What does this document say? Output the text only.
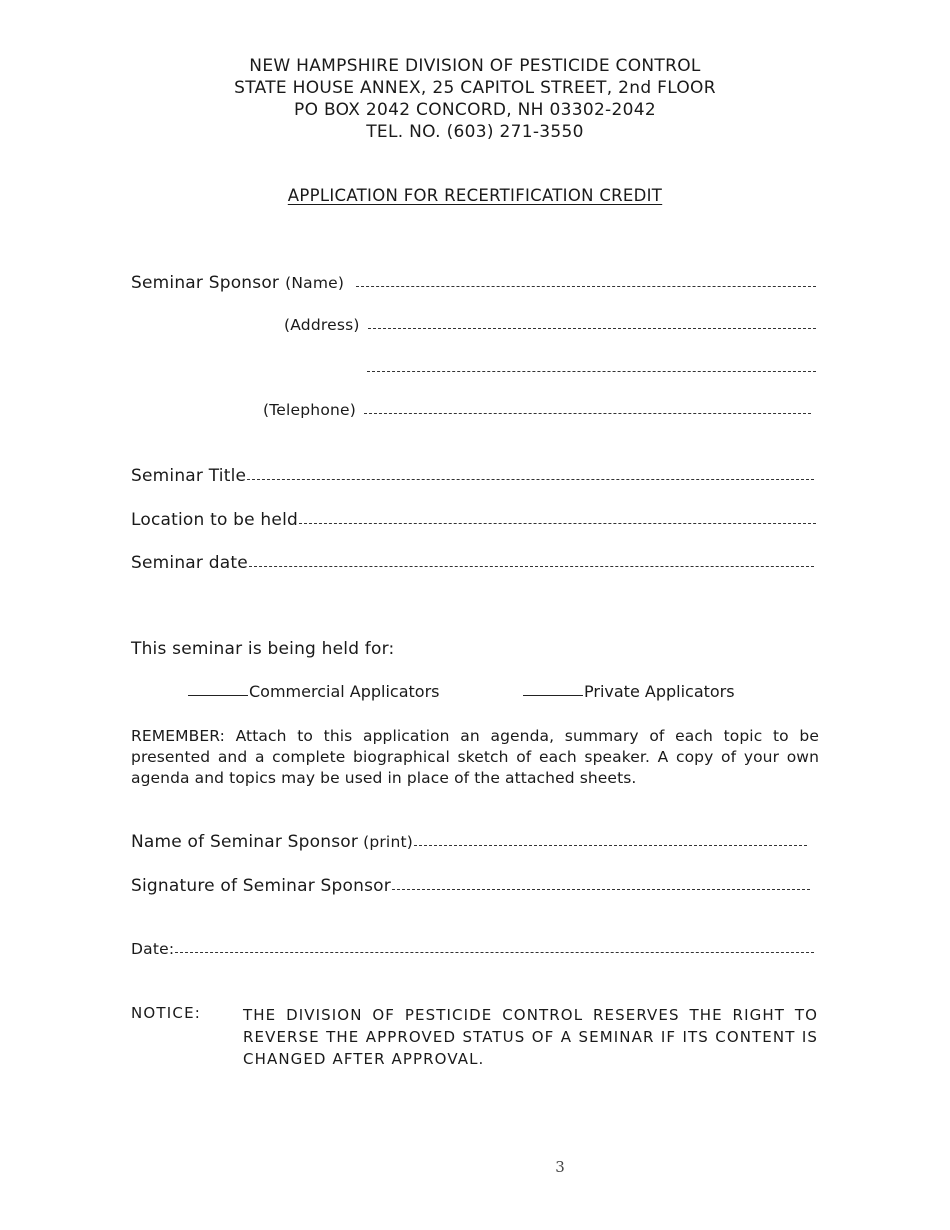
NEW HAMPSHIRE DIVISION OF PESTICIDE CONTROL
STATE HOUSE ANNEX, 25 CAPITOL STREET, 2nd FLOOR
PO BOX 2042 CONCORD, NH 03302-2042
TEL. NO. (603) 271-3550
APPLICATION FOR RECERTIFICATION CREDIT
Seminar Sponsor (Name)
(Address)
(Telephone)
Seminar Title
Location to be held
Seminar date
This seminar is being held for:
Commercial Applicators	Private Applicators
REMEMBER: Attach to this application an agenda, summary of each topic to be presented and a complete biographical sketch of each speaker. A copy of your own agenda and topics may be used in place of the attached sheets.
Name of Seminar Sponsor (print)
Signature of Seminar Sponsor
Date:
NOTICE:	THE DIVISION OF PESTICIDE CONTROL RESERVES THE RIGHT TO REVERSE THE APPROVED STATUS OF A SEMINAR IF ITS CONTENT IS CHANGED AFTER APPROVAL.
3
